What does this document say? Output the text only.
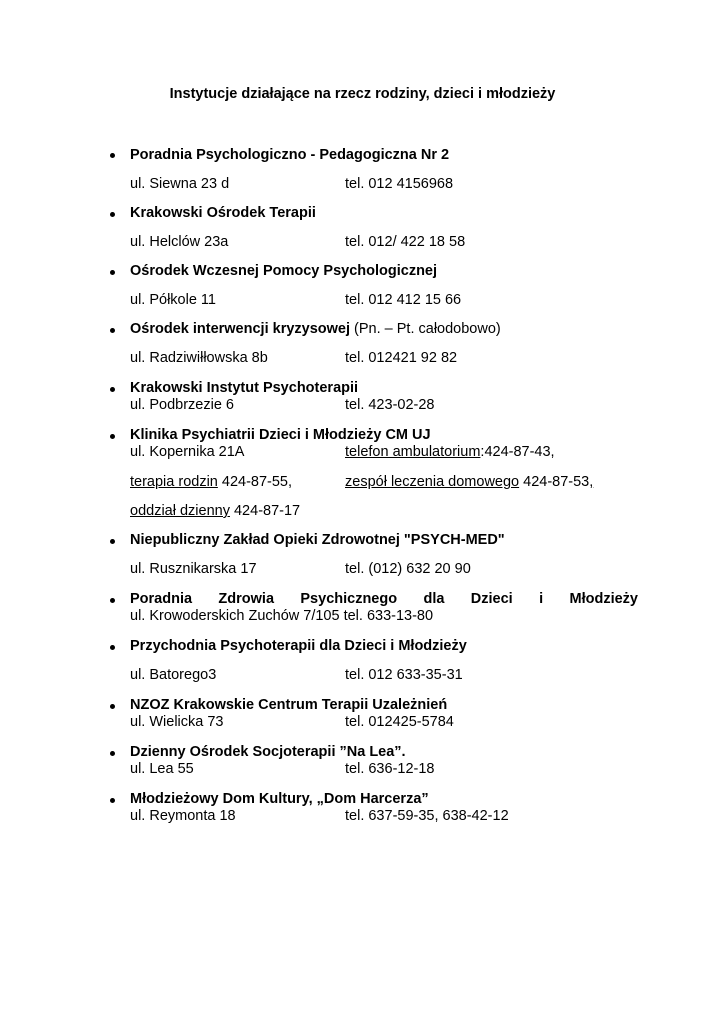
Instytucje działające na rzecz rodziny, dzieci i młodzieży
Poradnia Psychologiczno - Pedagogiczna Nr 2
ul. Siewna 23 d	tel. 012 4156968
Krakowski Ośrodek Terapii
ul. Helclów 23a	tel. 012/ 422 18 58
Ośrodek Wczesnej Pomocy Psychologicznej
ul. Półkole 11	tel. 012 412 15 66
Ośrodek interwencji kryzysowej (Pn. – Pt. całodobowo)
ul. Radziwiłłowska 8b	tel. 012421 92 82
Krakowski Instytut Psychoterapii
ul. Podbrzezie 6	tel. 423-02-28
Klinika Psychiatrii Dzieci i Młodzieży CM UJ
ul. Kopernika 21A	telefon ambulatorium:424-87-43,
terapia rodzin 424-87-55,	zespół leczenia domowego 424-87-53,
oddział dzienny 424-87-17
Niepubliczny Zakład Opieki Zdrowotnej "PSYCH-MED"
ul. Rusznikarska 17	tel. (012) 632 20 90
Poradnia Zdrowia Psychicznego dla Dzieci i Młodzieży
ul. Krowoderskich Zuchów 7/105 tel. 633-13-80
Przychodnia Psychoterapii dla Dzieci i Młodzieży
ul. Batorego3	tel. 012 633-35-31
NZOZ Krakowskie Centrum Terapii Uzależnień
ul. Wielicka 73	tel. 012425-5784
Dzienny Ośrodek Socjoterapii ”Na Lea”.
ul. Lea 55	tel. 636-12-18
Młodzieżowy Dom Kultury, „Dom Harcerza”
ul. Reymonta 18	tel. 637-59-35, 638-42-12
